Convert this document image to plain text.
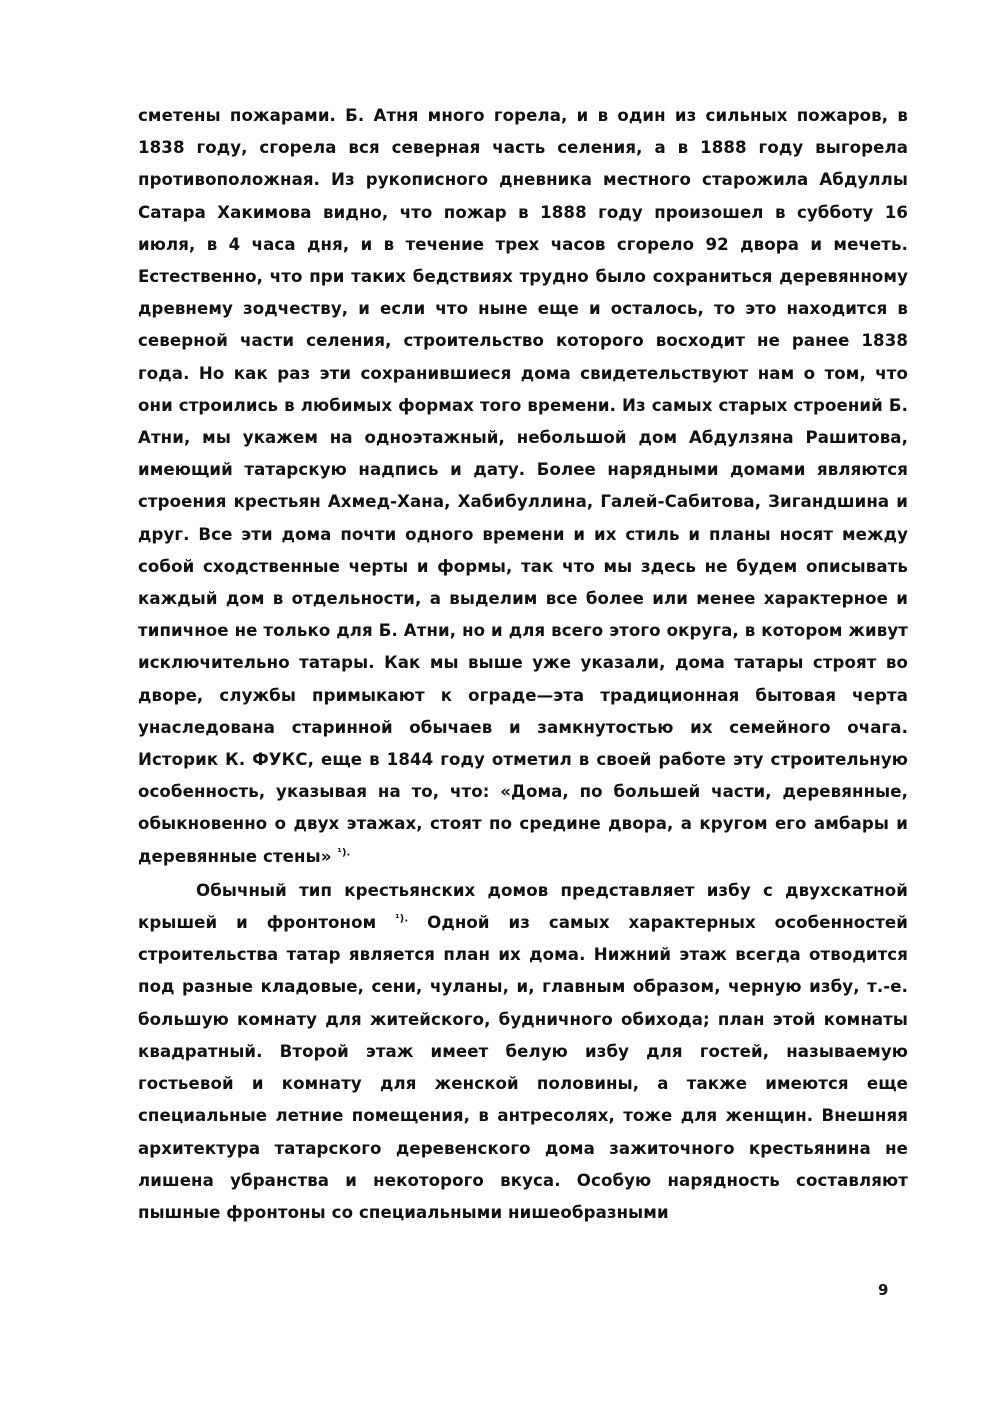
сметены пожарами. Б. Атня много горела, и в один из сильных пожаров, в 1838 году, сгорела вся северная часть селения, а в 1888 году выгорела противоположная. Из рукописного дневника местного старожила Абдуллы Сатара Хакимова видно, что пожар в 1888 году произошел в субботу 16 июля, в 4 часа дня, и в течение трех часов сгорело 92 двора и мечеть. Естественно, что при таких бедствиях трудно было сохраниться деревянному древнему зодчеству, и если что ныне еще и осталось, то это находится в северной части селения, строительство которого восходит не ранее 1838 года. Но как раз эти сохранившиеся дома свидетельствуют нам о том, что они строились в любимых формах того времени. Из самых старых строений Б. Атни, мы укажем на одноэтажный, небольшой дом Абдулзяна Рашитова, имеющий татарскую надпись и дату. Более нарядными домами являются строения крестьян Ахмед-Хана, Хабибуллина, Галей-Сабитова, Зигандшина и друг. Все эти дома почти одного времени и их стиль и планы носят между собой сходственные черты и формы, так что мы здесь не будем описывать каждый дом в отдельности, а выделим все более или менее характерное и типичное не только для Б. Атни, но и для всего этого округа, в котором живут исключительно татары. Как мы выше уже указали, дома татары строят во дворе, службы примыкают к ограде—эта традиционная бытовая черта унаследована старинной обычаев и замкнутостью их семейного очага. Историк К. ФУКС, еще в 1844 году отметил в своей работе эту строительную особенность, указывая на то, что: «Дома, по большей части, деревянные, обыкновенно о двух этажах, стоят по средине двора, а кругом его амбары и деревянные стены» $^{^1).}$

Обычный тип крестьянских домов представляет избу с двухскатной крышей и фронтоном $^{^1).}$ Одной из самых характерных особенностей строительства татар является план их дома. Нижний этаж всегда отводится под разные кладовые, сени, чуланы, и, главным образом, черную избу, т.-е. большую комнату для житейского, будничного обихода; план этой комнаты квадратный. Второй этаж имеет белую избу для гостей, называемую гостьевой и комнату для женской половины, а также имеются еще специальные летние помещения, в антресолях, тоже для женщин. Внешняя архитектура татарского деревенского дома зажиточного крестьянина не лишена убранства и некоторого вкуса. Особую нарядность составляют пышные фронтоны со специальными нишеобразными

9
